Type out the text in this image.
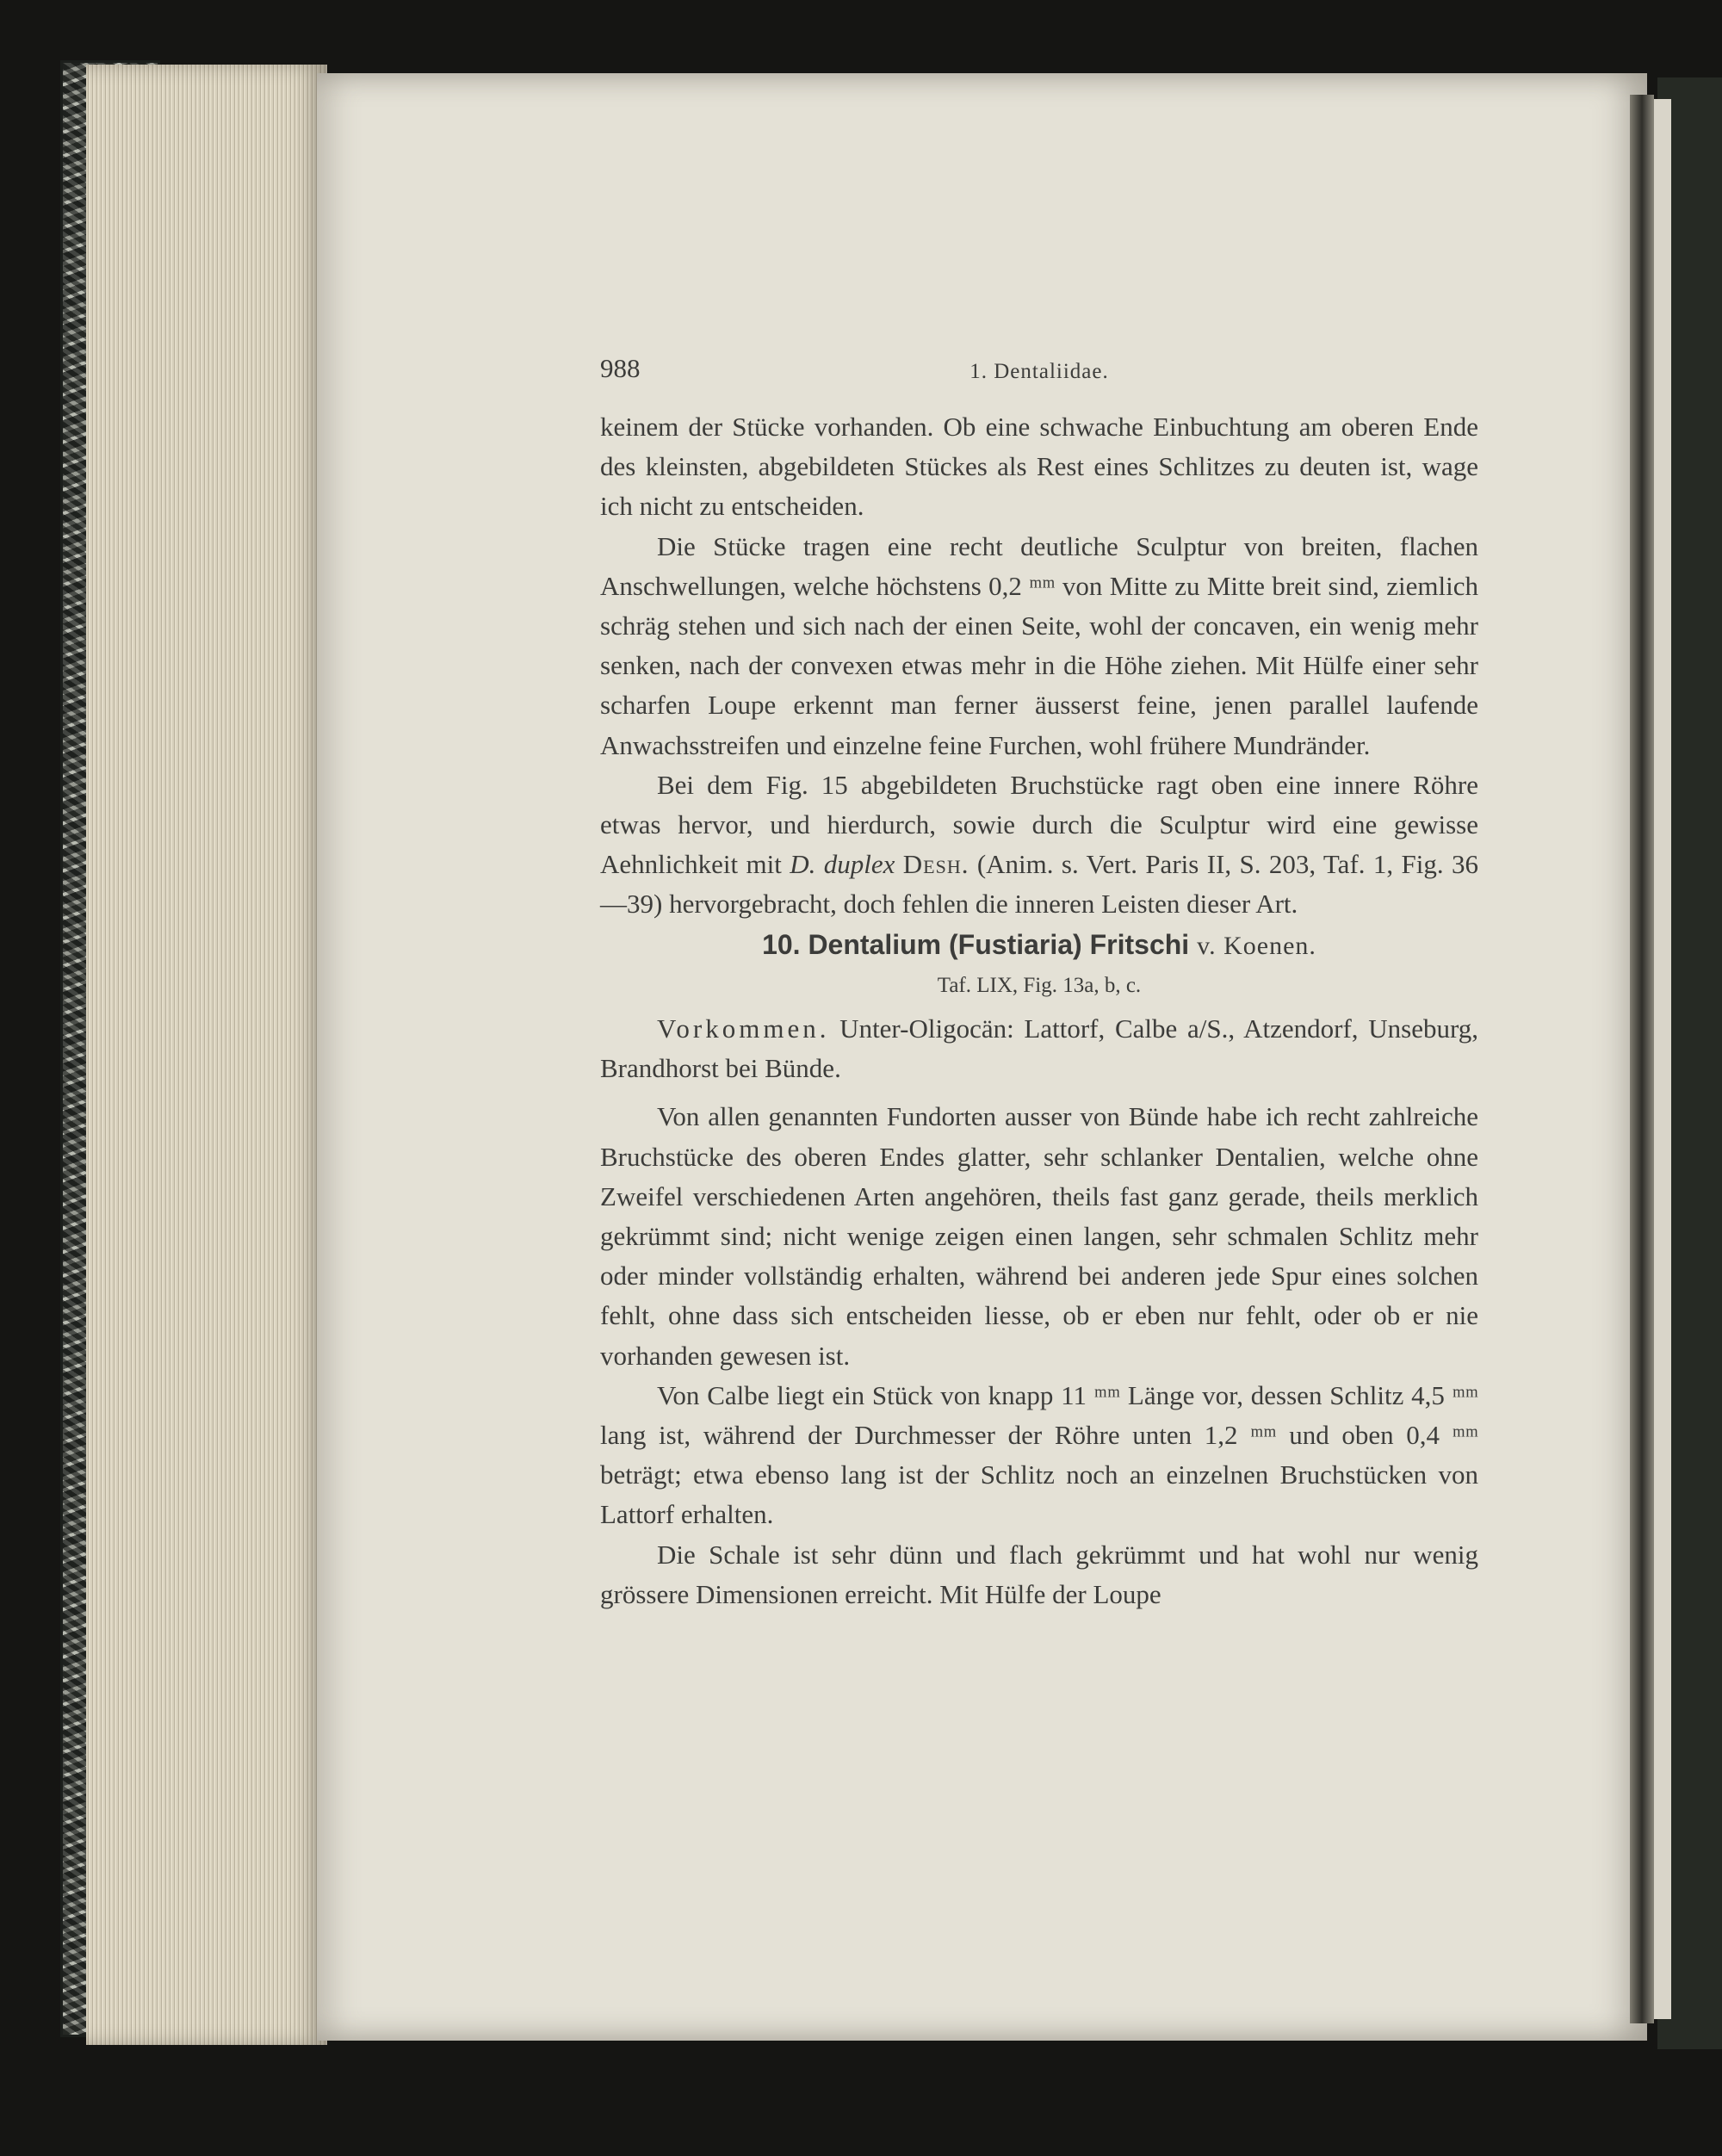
988	1. Dentaliidae.

keinem der Stücke vorhanden. Ob eine schwache Einbuchtung am oberen Ende des kleinsten, abgebildeten Stückes als Rest eines Schlitzes zu deuten ist, wage ich nicht zu entscheiden.

Die Stücke tragen eine recht deutliche Sculptur von breiten, flachen Anschwellungen, welche höchstens 0,2 ᵐᵐ von Mitte zu Mitte breit sind, ziemlich schräg stehen und sich nach der einen Seite, wohl der concaven, ein wenig mehr senken, nach der convexen etwas mehr in die Höhe ziehen. Mit Hülfe einer sehr scharfen Loupe erkennt man ferner äusserst feine, jenen parallel laufende Anwachsstreifen und einzelne feine Furchen, wohl frühere Mundränder.

Bei dem Fig. 15 abgebildeten Bruchstücke ragt oben eine innere Röhre etwas hervor, und hierdurch, sowie durch die Sculptur wird eine gewisse Aehnlichkeit mit D. duplex Desh. (Anim. s. Vert. Paris II, S. 203, Taf. 1, Fig. 36—39) hervorgebracht, doch fehlen die inneren Leisten dieser Art.

10. Dentalium (Fustiaria) Fritschi v. Koenen.

Taf. LIX, Fig. 13a, b, c.

Vorkommen. Unter-Oligocän: Lattorf, Calbe a/S., Atzendorf, Unseburg, Brandhorst bei Bünde.

Von allen genannten Fundorten ausser von Bünde habe ich recht zahlreiche Bruchstücke des oberen Endes glatter, sehr schlanker Dentalien, welche ohne Zweifel verschiedenen Arten angehören, theils fast ganz gerade, theils merklich gekrümmt sind; nicht wenige zeigen einen langen, sehr schmalen Schlitz mehr oder minder vollständig erhalten, während bei anderen jede Spur eines solchen fehlt, ohne dass sich entscheiden liesse, ob er eben nur fehlt, oder ob er nie vorhanden gewesen ist.

Von Calbe liegt ein Stück von knapp 11 ᵐᵐ Länge vor, dessen Schlitz 4,5 ᵐᵐ lang ist, während der Durchmesser der Röhre unten 1,2 ᵐᵐ und oben 0,4 ᵐᵐ beträgt; etwa ebenso lang ist der Schlitz noch an einzelnen Bruchstücken von Lattorf erhalten.

Die Schale ist sehr dünn und flach gekrümmt und hat wohl nur wenig grössere Dimensionen erreicht. Mit Hülfe der Loupe
